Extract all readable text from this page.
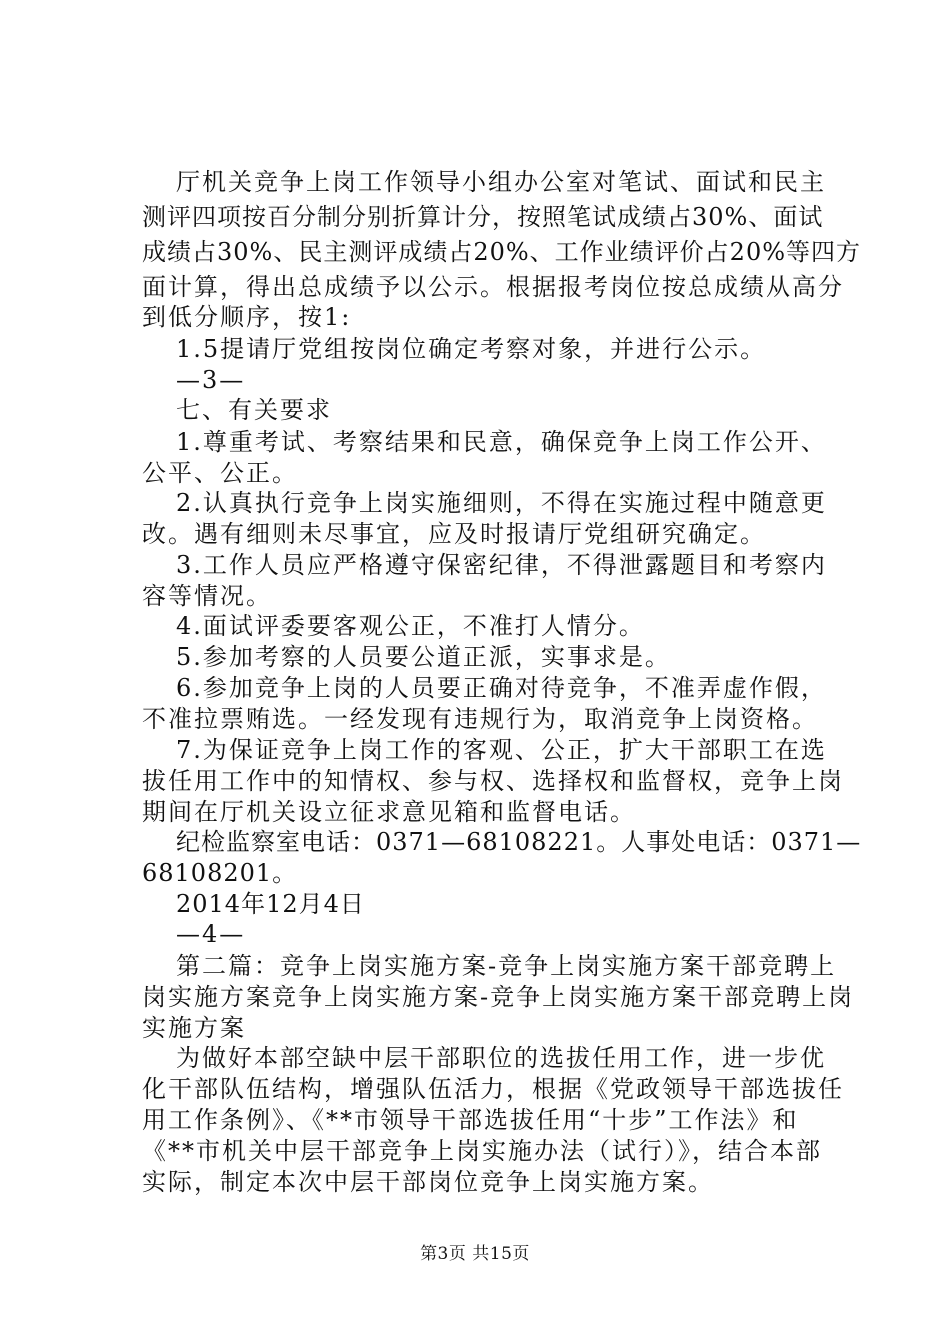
厅机关竞争上岗工作领导小组办公室对笔试、面试和民主
测评四项按百分制分别折算计分，按照笔试成绩占30%、面试
成绩占30%、民主测评成绩占20%、工作业绩评价占20%等四方
面计算，得出总成绩予以公示。根据报考岗位按总成绩从高分
到低分顺序，按1:
1.5提请厅党组按岗位确定考察对象，并进行公示。
—3—
七、有关要求
1.尊重考试、考察结果和民意，确保竞争上岗工作公开、
公平、公正。
2.认真执行竞争上岗实施细则，不得在实施过程中随意更
改。遇有细则未尽事宜，应及时报请厅党组研究确定。
3.工作人员应严格遵守保密纪律，不得泄露题目和考察内
容等情况。
4.面试评委要客观公正，不准打人情分。
5.参加考察的人员要公道正派，实事求是。
6.参加竞争上岗的人员要正确对待竞争，不准弄虚作假，
不准拉票贿选。一经发现有违规行为，取消竞争上岗资格。
7.为保证竞争上岗工作的客观、公正，扩大干部职工在选
拔任用工作中的知情权、参与权、选择权和监督权，竞争上岗
期间在厅机关设立征求意见箱和监督电话。
纪检监察室电话：0371—68108221。人事处电话：0371—
68108201。
2014年12月4日
—4—
第二篇：竞争上岗实施方案-竞争上岗实施方案干部竞聘上
岗实施方案竞争上岗实施方案-竞争上岗实施方案干部竞聘上岗
实施方案
为做好本部空缺中层干部职位的选拔任用工作，进一步优
化干部队伍结构，增强队伍活力，根据《党政领导干部选拔任
用工作条例》、《**市领导干部选拔任用“十步”工作法》和
《**市机关中层干部竞争上岗实施办法（试行）》，结合本部
实际，制定本次中层干部岗位竞争上岗实施方案。
第3页 共15页
